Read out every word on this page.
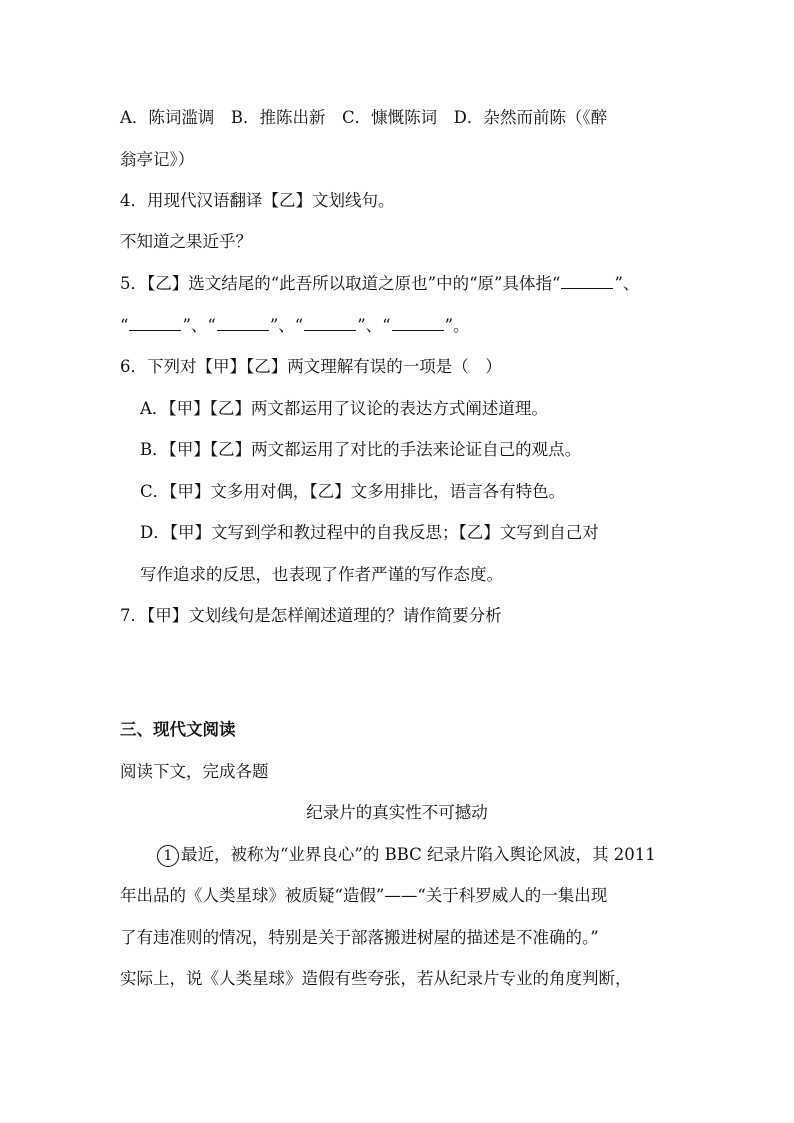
A．陈词滥调　B．推陈出新　C．慷慨陈词　D．杂然而前陈（《醉
翁亭记》）
4．用现代汉语翻译【乙】文划线句。
不知道之果近乎？
5．【乙】选文结尾的“此吾所以取道之原也”中的“原”具体指“	”、
“	”、“	”、“	”、“	”。
6．下列对【甲】【乙】两文理解有误的一项是（　）
A．【甲】【乙】两文都运用了议论的表达方式阐述道理。
B．【甲】【乙】两文都运用了对比的手法来论证自己的观点。
C．【甲】文多用对偶，【乙】文多用排比，语言各有特色。
D．【甲】文写到学和教过程中的自我反思；【乙】文写到自己对
写作追求的反思，也表现了作者严谨的写作态度。
7．【甲】文划线句是怎样阐述道理的？请作简要分析
三、现代文阅读
阅读下文，完成各题
纪录片的真实性不可撼动
1 最近，被称为“业界良心”的 BBC 纪录片陷入舆论风波，其 2011
年出品的《人类星球》被质疑“造假”——“关于科罗威人的一集出现
了有违准则的情况，特别是关于部落搬进树屋的描述是不准确的。”
实际上，说《人类星球》造假有些夸张，若从纪录片专业的角度判断，
